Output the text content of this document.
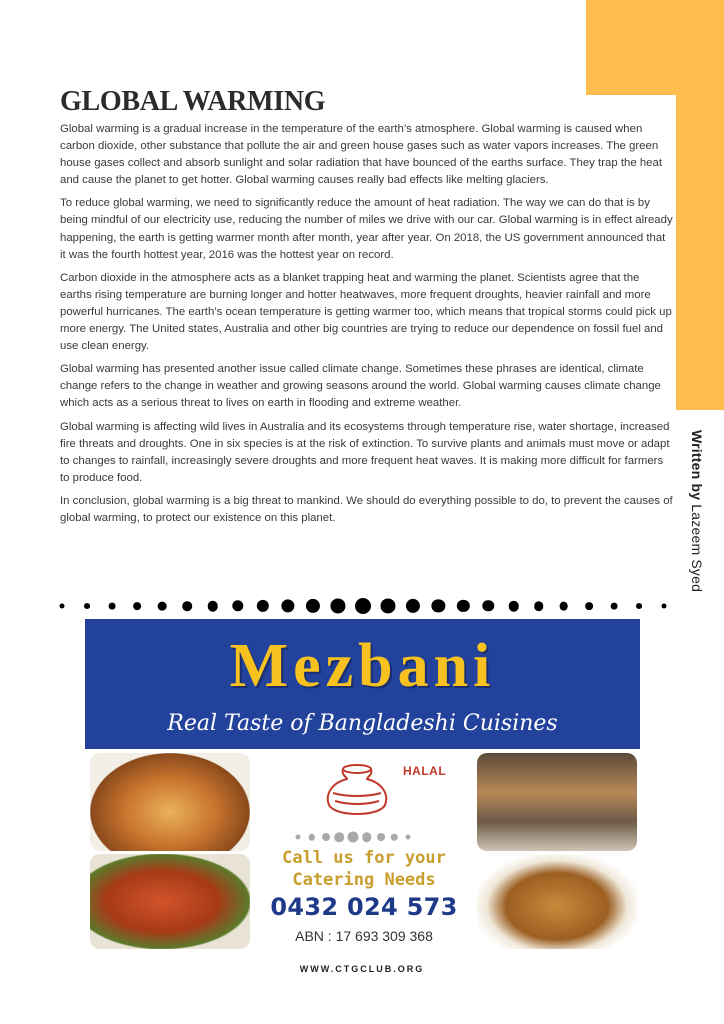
Written by Lazeem Syed
GLOBAL WARMING

Global warming is a gradual increase in the temperature of the earth’s atmosphere. Global warming is caused when carbon dioxide, other substance that pollute the air and green house gases such as water vapors increases. The green house gases collect and absorb sunlight and solar radiation that have bounced of the earths surface. They trap the heat and cause the planet to get hotter. Global warming causes really bad effects like melting glaciers.

To reduce global warming, we need to significantly reduce the amount of heat radiation. The way we can do that is by being mindful of our electricity use, reducing the number of miles we drive with our car. Global warming is in effect already happening, the earth is getting warmer month after month, year after year. On 2018, the US government announced that it was the fourth hottest year, 2016 was the hottest year on record.

Carbon dioxide in the atmosphere acts as a blanket trapping heat and warming the planet. Scientists agree that the earths rising temperature are burning longer and hotter heatwaves, more frequent droughts, heavier rainfall and more powerful hurricanes. The earth’s ocean temperature is getting warmer too, which means that tropical storms could pick up more energy. The United states, Australia and other big countries are trying to reduce our dependence on fossil fuel and use clean energy.

Global warming has presented another issue called climate change. Sometimes these phrases are identical, climate change refers to the change in weather and growing seasons around the world. Global warming causes climate change which acts as a serious threat to lives on earth in flooding and extreme weather.

Global warming is affecting wild lives in Australia and its ecosystems through temperature rise, water shortage, increased fire threats and droughts. One in six species is at the risk of extinction. To survive plants and animals must move or adapt to changes to rainfall, increasingly severe droughts and more frequent heat waves. It is making more difficult for farmers to produce food.

In conclusion, global warming is a big threat to mankind. We should do everything possible to do, to prevent the causes of global warming, to protect our existence on this planet.

Mezbani
Real Taste of Bangladeshi Cuisines
HALAL
Call us for your
Catering Needs
0432 024 573
ABN : 17 693 309 368
WWW.CTGCLUB.ORG
